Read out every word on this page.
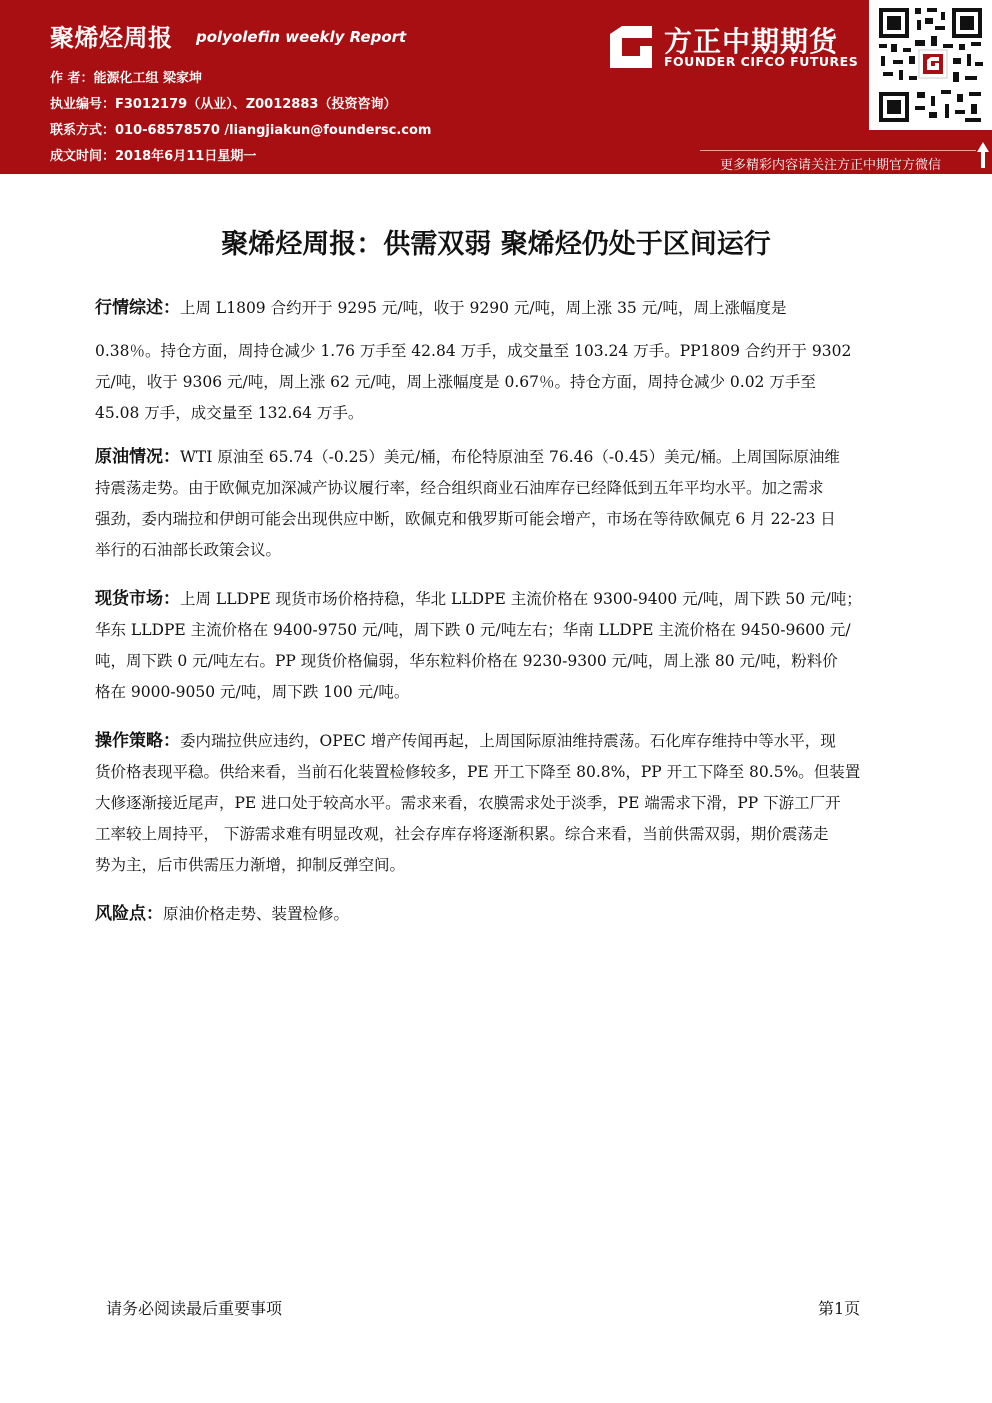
聚烯烃周报 polyolefin weekly Report
作 者：能源化工组 梁家坤
执业编号：F3012179（从业）、Z0012883（投资咨询）
联系方式：010-68578570 /liangjiakun@foundersc.com
成文时间：2018年6月11日星期一
方正中期期货
FOUNDER CIFCO FUTURES
更多精彩内容请关注方正中期官方微信
聚烯烃周报：供需双弱 聚烯烃仍处于区间运行
行情综述：上周 L1809 合约开于 9295 元/吨，收于 9290 元/吨，周上涨 35 元/吨，周上涨幅度是
0.38％。持仓方面，周持仓减少 1.76 万手至 42.84 万手，成交量至 103.24 万手。PP1809 合约开于 9302
元/吨，收于 9306 元/吨，周上涨 62 元/吨，周上涨幅度是 0.67％。持仓方面，周持仓减少 0.02 万手至
45.08 万手，成交量至 132.64 万手。
原油情况：WTI 原油至 65.74（-0.25）美元/桶，布伦特原油至 76.46（-0.45）美元/桶。上周国际原油维
持震荡走势。由于欧佩克加深减产协议履行率，经合组织商业石油库存已经降低到五年平均水平。加之需求
强劲，委内瑞拉和伊朗可能会出现供应中断，欧佩克和俄罗斯可能会增产，市场在等待欧佩克 6 月 22-23 日
举行的石油部长政策会议。
现货市场：上周 LLDPE 现货市场价格持稳，华北 LLDPE 主流价格在 9300-9400 元/吨，周下跌 50 元/吨；
华东 LLDPE 主流价格在 9400-9750 元/吨，周下跌 0 元/吨左右；华南 LLDPE 主流价格在 9450-9600 元/
吨，周下跌 0 元/吨左右。PP 现货价格偏弱，华东粒料价格在 9230-9300 元/吨，周上涨 80 元/吨，粉料价
格在 9000-9050 元/吨，周下跌 100 元/吨。
操作策略：委内瑞拉供应违约，OPEC 增产传闻再起，上周国际原油维持震荡。石化库存维持中等水平，现
货价格表现平稳。供给来看，当前石化装置检修较多，PE 开工下降至 80.8%，PP 开工下降至 80.5%。但装置
大修逐渐接近尾声，PE 进口处于较高水平。需求来看，农膜需求处于淡季，PE 端需求下滑，PP 下游工厂开
工率较上周持平， 下游需求难有明显改观，社会存库存将逐渐积累。综合来看，当前供需双弱，期价震荡走
势为主，后市供需压力渐增，抑制反弹空间。
风险点：原油价格走势、装置检修。
请务必阅读最后重要事项	第1页
